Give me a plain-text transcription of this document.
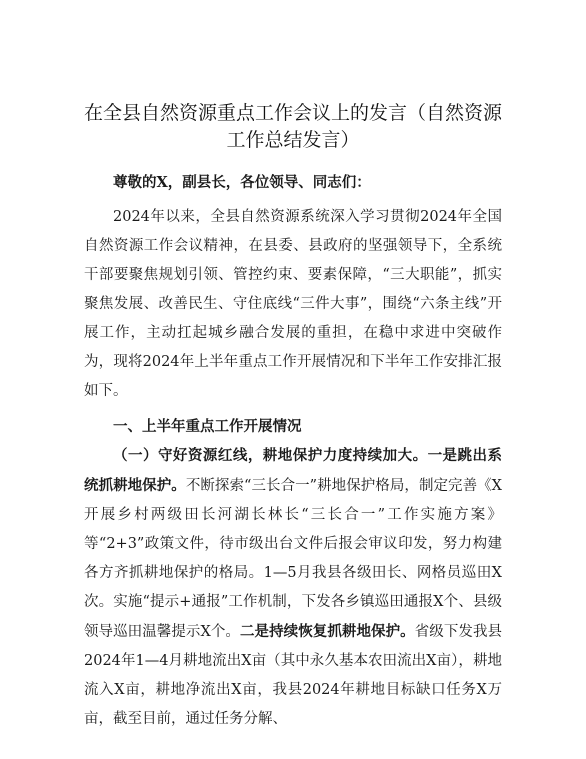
在全县自然资源重点工作会议上的发言（自然资源工作总结发言）

尊敬的X，副县长，各位领导、同志们：

2024年以来，全县自然资源系统深入学习贯彻2024年全国自然资源工作会议精神，在县委、县政府的坚强领导下，全系统干部要聚焦规划引领、管控约束、要素保障，“三大职能”，抓实聚焦发展、改善民生、守住底线“三件大事”，围绕“六条主线”开展工作，主动扛起城乡融合发展的重担，在稳中求进中突破作为，现将2024年上半年重点工作开展情况和下半年工作安排汇报如下。

一、上半年重点工作开展情况

（一）守好资源红线，耕地保护力度持续加大。一是跳出系统抓耕地保护。不断探索“三长合一”耕地保护格局，制定完善《X开展乡村两级田长河湖长林长“三长合一”工作实施方案》等“2+3”政策文件，待市级出台文件后报会审议印发，努力构建各方齐抓耕地保护的格局。1—5月我县各级田长、网格员巡田X次。实施“提示+通报”工作机制，下发各乡镇巡田通报X个、县级领导巡田温馨提示X个。二是持续恢复抓耕地保护。省级下发我县2024年1—4月耕地流出X亩（其中永久基本农田流出X亩），耕地流入X亩，耕地净流出X亩，我县2024年耕地目标缺口任务X万亩，截至目前，通过任务分解、
